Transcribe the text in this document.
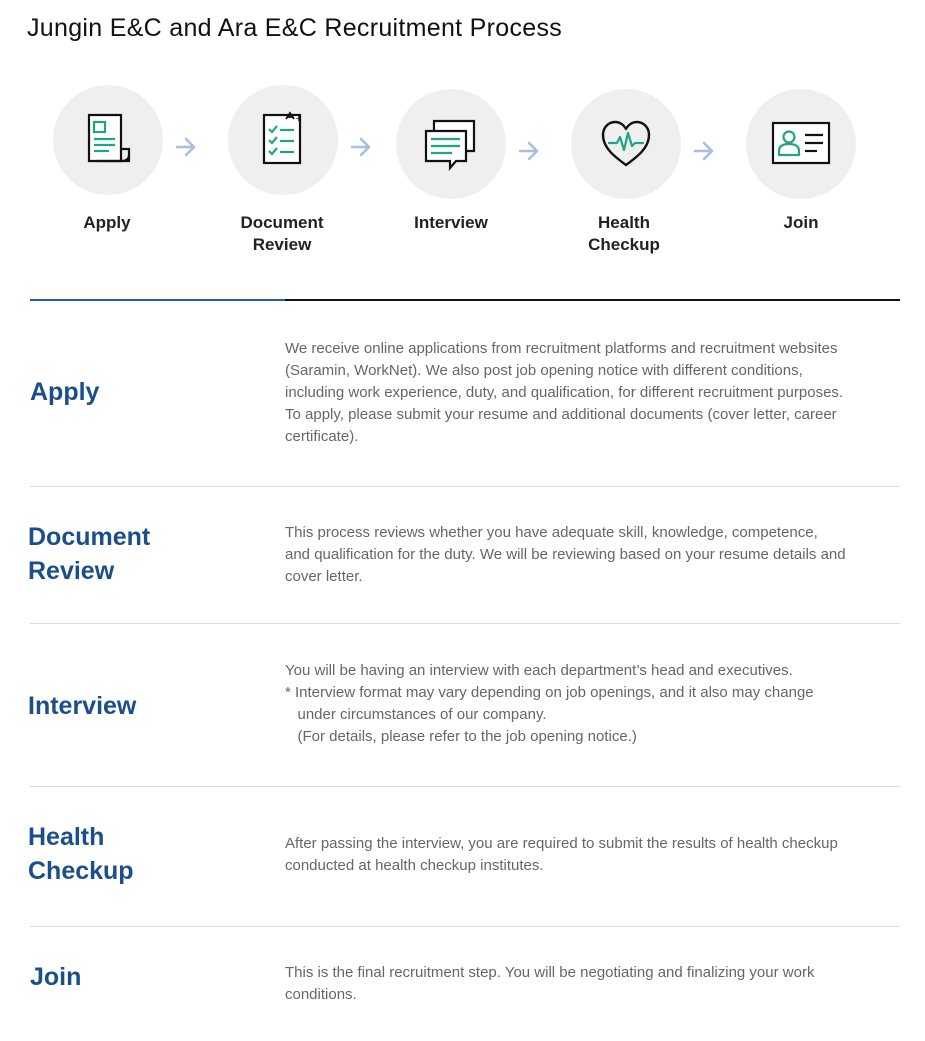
Jungin E&C and Ara E&C Recruitment Process
Apply
+
Document
Review
Interview	Health
Checkup
Join
Apply
We receive online applications from recruitment platforms and recruitment websites
(Saramin, WorkNet). We also post job opening notice with different conditions,
including work experience, duty, and qualification, for different recruitment purposes.
To apply, please submit your resume and additional documents (cover letter, career
certificate).
Document
Review
This process reviews whether you have adequate skill, knowledge, competence,
and qualification for the duty. We will be reviewing based on your resume details and
cover letter.
Interview
You will be having an interview with each department’s head and executives.
* Interview format may vary depending on job openings, and it also may change
under circumstances of our company.
(For details, please refer to the job opening notice.)
Health
Checkup
After passing the interview, you are required to submit the results of health checkup
conducted at health checkup institutes.
Join	This is the final recruitment step. You will be negotiating and finalizing your work
conditions.
